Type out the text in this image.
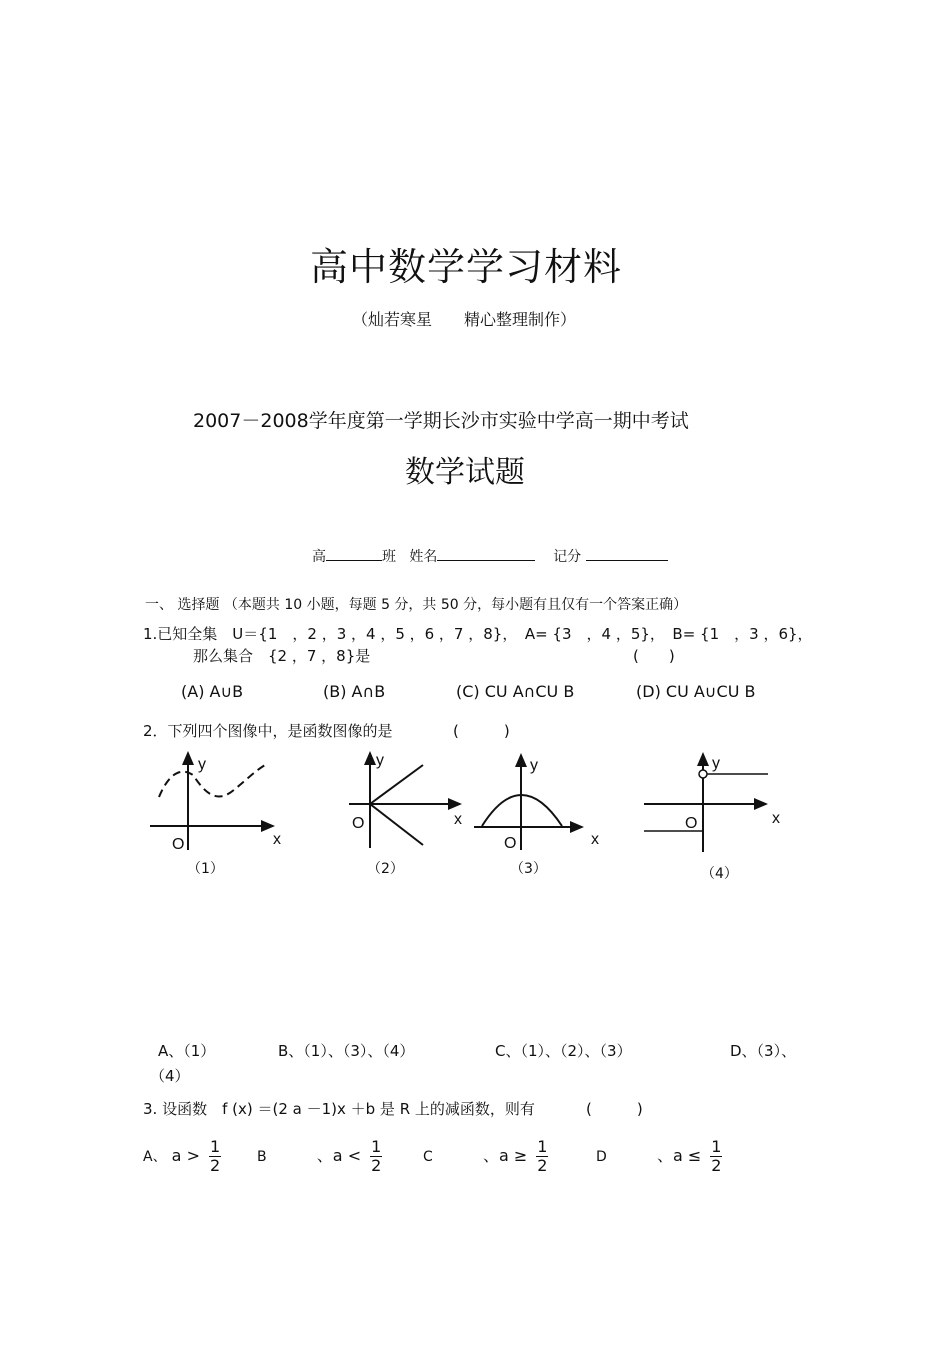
高中数学学习材料
（灿若寒星　　精心整理制作）
2007－2008学年度第一学期长沙市实验中学高一期中考试
数学试题
高	班 姓名	记分
一、 选择题 （本题共 10 小题，每题 5 分，共 50 分，每小题有且仅有一个答案正确）
1.已知全集　U＝{1　，2 ，3 ，4 ，5 ，6 ，7 ，8}，　A= {3　，4 ，5}，　B= {1　，3 ，6}，
那么集合　{2 ，7 ，8}是	(　　)
(A) A∪B	(B) A∩B	(C) CU A∩CU B	(D) CU A∪CU B
2．下列四个图像中，是函数图像的是	(　　　)
y
x
O
（1）
y
x
O
（2）
y
x
O
（3）
y
x
O
（4）
A、（1）	B、（1）、（3）、（4）	C、（1）、（2）、（3）	D、（3）、
（4）
3. 设函数　f (x) ＝(2 a －1)x ＋b 是 R 上的减函数，则有	(　　　)
A、 $a > \frac{1}{2}$	B	、$a < \frac{1}{2}$	C	、$a \ge \frac{1}{2}$	D	、$a \le \frac{1}{2}$
